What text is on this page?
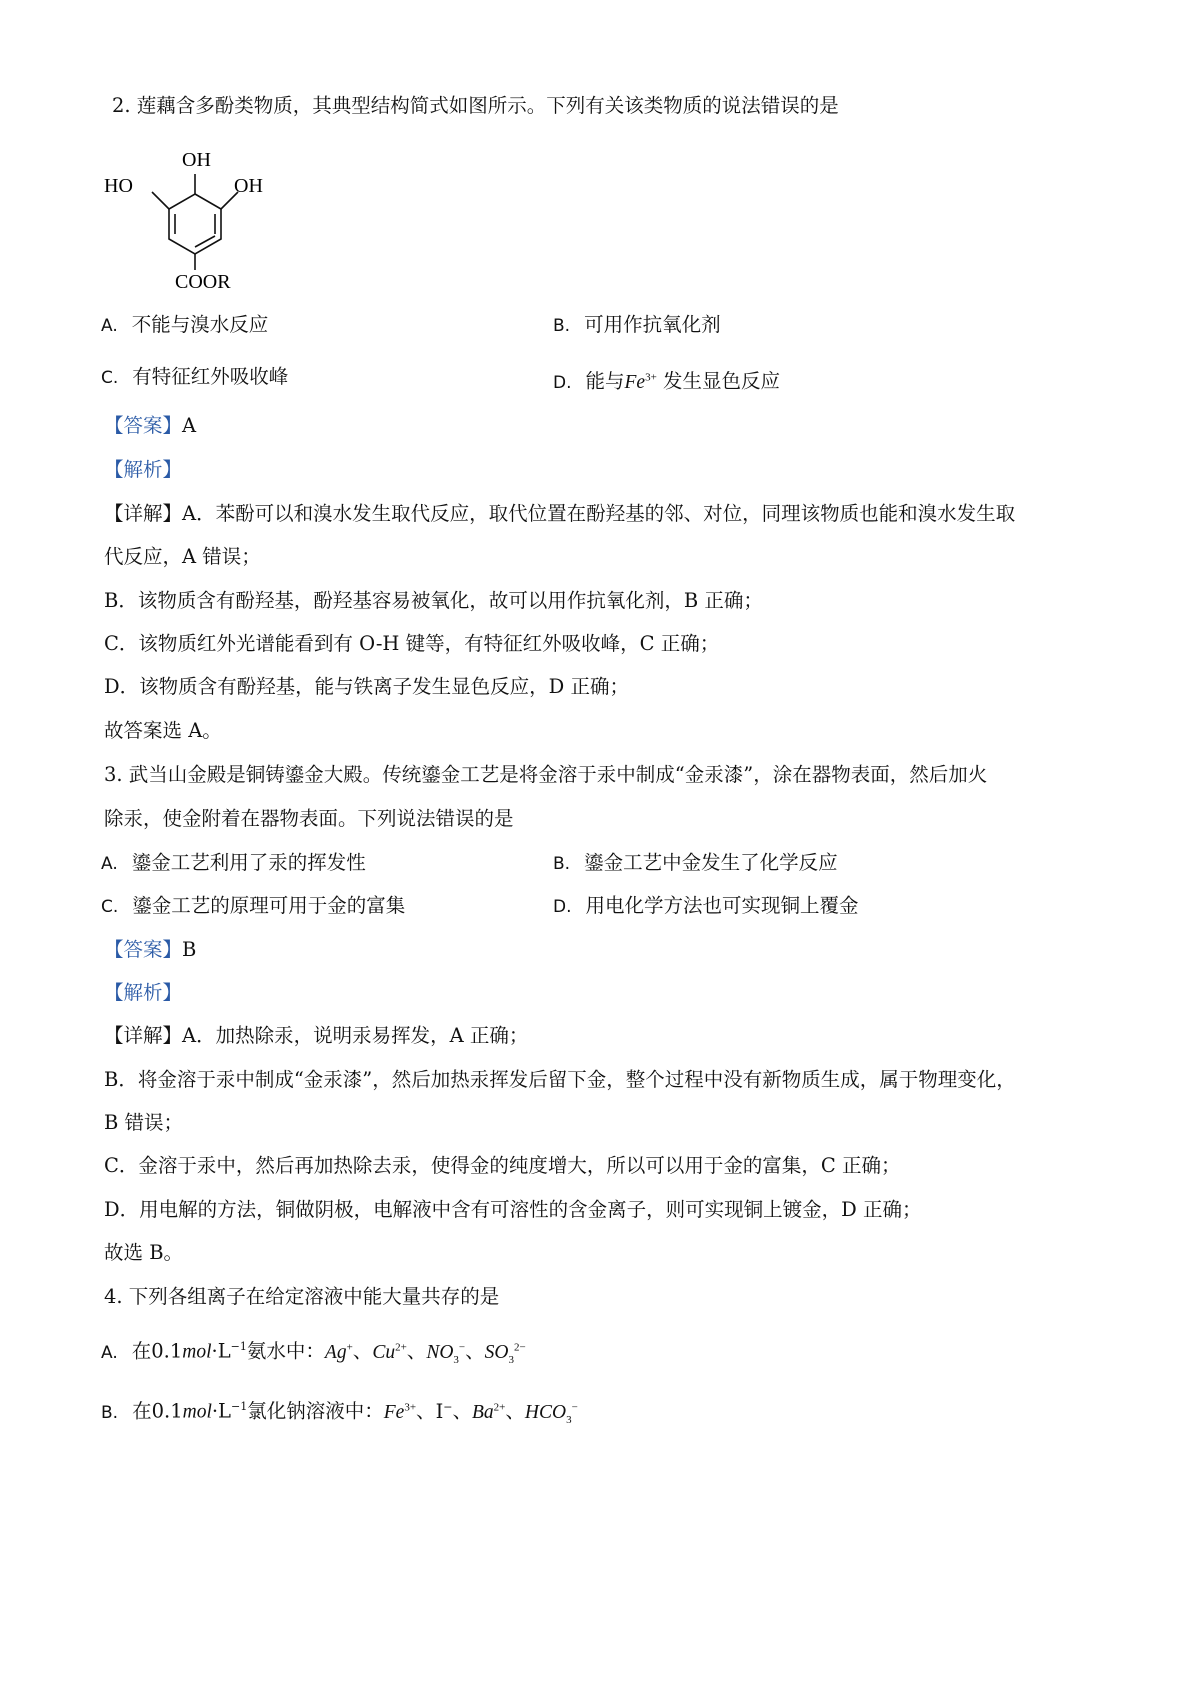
2. 莲藕含多酚类物质，其典型结构简式如图所示。下列有关该类物质的说法错误的是
OH
HO	OH
COOR
A. 不能与溴水反应	B. 可用作抗氧化剂
C. 有特征红外吸收峰	D. 能与$Fe^{3+}$ 发生显色反应
【答案】A
【解析】
【详解】A．苯酚可以和溴水发生取代反应，取代位置在酚羟基的邻、对位，同理该物质也能和溴水发生取
代反应，A 错误；
B．该物质含有酚羟基，酚羟基容易被氧化，故可以用作抗氧化剂，B 正确；
C．该物质红外光谱能看到有 O-H 键等，有特征红外吸收峰，C 正确；
D．该物质含有酚羟基，能与铁离子发生显色反应，D 正确；
故答案选 A。
3. 武当山金殿是铜铸鎏金大殿。传统鎏金工艺是将金溶于汞中制成“金汞漆”，涂在器物表面，然后加火
除汞，使金附着在器物表面。下列说法错误的是
A. 鎏金工艺利用了汞的挥发性	B. 鎏金工艺中金发生了化学反应
C. 鎏金工艺的原理可用于金的富集	D. 用电化学方法也可实现铜上覆金
【答案】B
【解析】
【详解】A．加热除汞，说明汞易挥发，A 正确；
B．将金溶于汞中制成“金汞漆”，然后加热汞挥发后留下金，整个过程中没有新物质生成，属于物理变化，
B 错误；
C．金溶于汞中，然后再加热除去汞，使得金的纯度增大，所以可以用于金的富集，C 正确；
D．用电解的方法，铜做阴极，电解液中含有可溶性的含金离子，则可实现铜上镀金，D 正确；
故选 B。
4. 下列各组离子在给定溶液中能大量共存的是
A. 在$0.1mol\cdot L^{-1}$氨水中：Ag+、$Cu^{2+}$、$NO_3^-$、$SO_3^{2-}$
B. 在$0.1mol\cdot L^{-1}$氯化钠溶液中：$Fe^{3+}$、I−、$Ba^{2+}$、$HCO_3^-$
